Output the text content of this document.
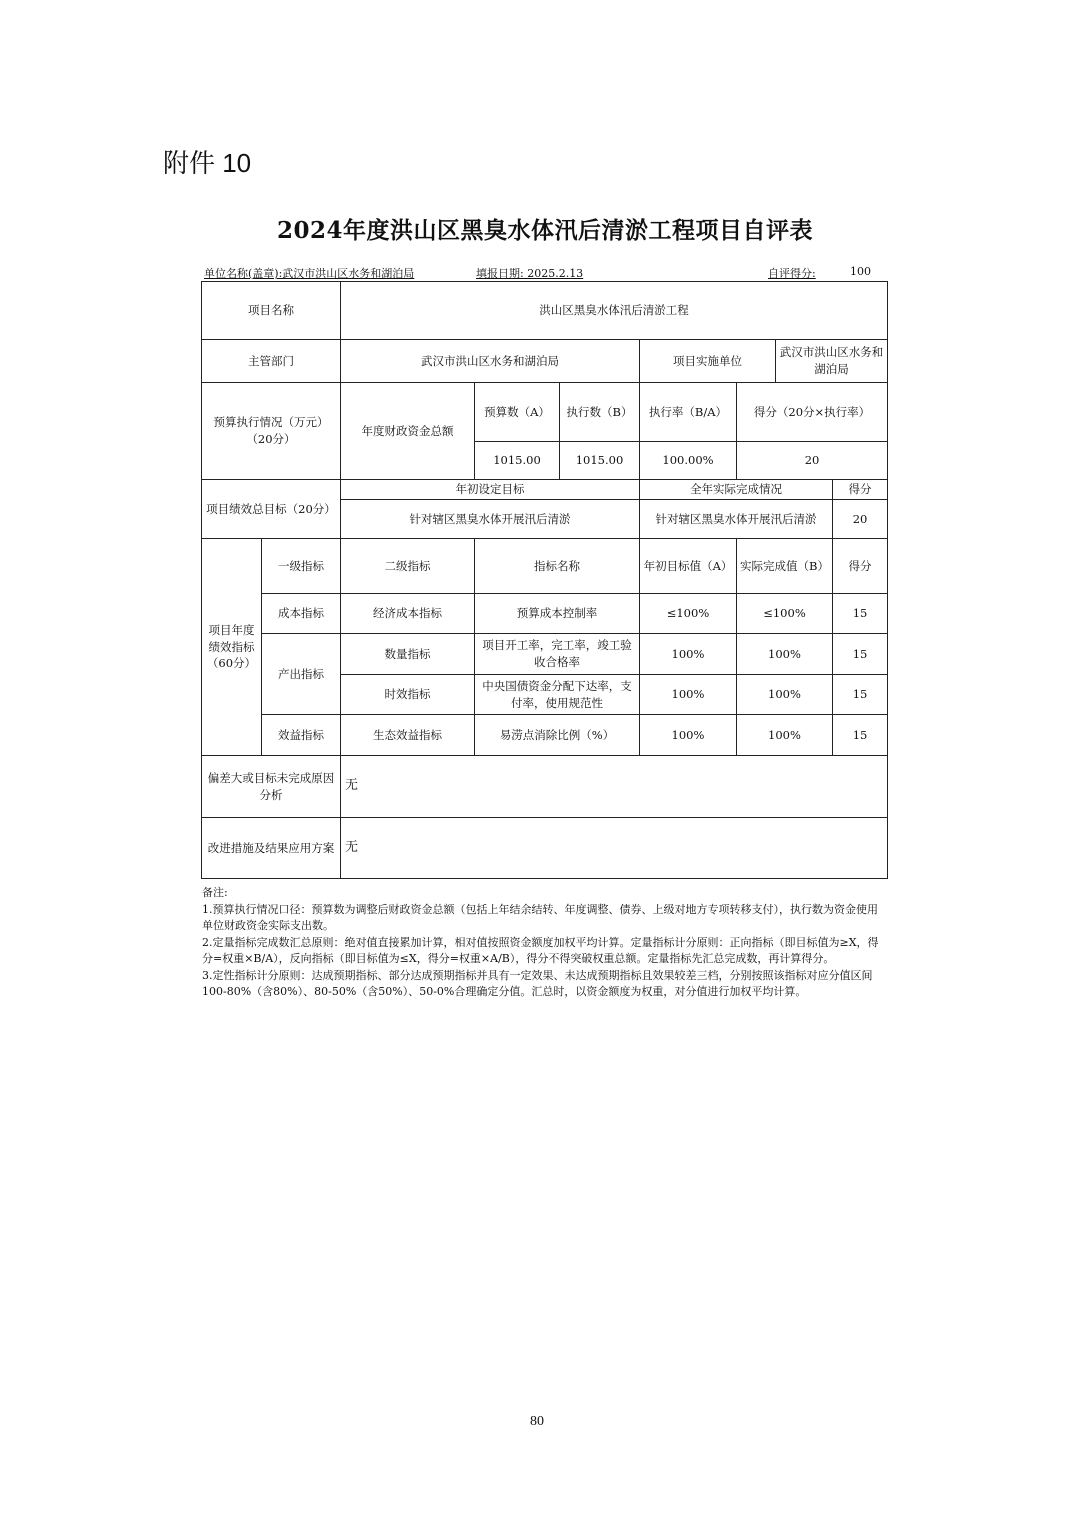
附件 10
2024年度洪山区黑臭水体汛后清淤工程项目自评表
单位名称(盖章):武汉市洪山区水务和湖泊局	填报日期: 2025.2.13	自评得分:	100
项目名称		洪山区黑臭水体汛后清淤工程						
主管部门		武汉市洪山区水务和湖泊局			项目实施单位		武汉市洪山区水务和湖泊局	
预算执行情况（万元）（20分）		年度财政资金总额	预算数（A）	执行数（B）	执行率（B/A）	得分（20分×执行率）		
			1015.00	1015.00	100.00%	20		
项目绩效总目标（20分）		年初设定目标			全年实际完成情况			得分
		针对辖区黑臭水体开展汛后清淤			针对辖区黑臭水体开展汛后清淤			20
项目年度绩效指标（60分）	一级指标	二级指标	指标名称		年初目标值（A）	实际完成值（B）		得分
	成本指标	经济成本指标	预算成本控制率		≤100%	≤100%		15
	产出指标	数量指标	项目开工率，完工率，竣工验收合格率		100%	100%		15
		时效指标	中央国债资金分配下达率，支付率，使用规范性		100%	100%		15
	效益指标	生态效益指标	易涝点消除比例（%）		100%	100%		15
偏差大或目标未完成原因分析		无						
改进措施及结果应用方案		无						
备注:
1.预算执行情况口径：预算数为调整后财政资金总额（包括上年结余结转、年度调整、债券、上级对地方专项转移支付），执行数为资金使用单位财政资金实际支出数。
2.定量指标完成数汇总原则：绝对值直接累加计算，相对值按照资金额度加权平均计算。定量指标计分原则：正向指标（即目标值为≥X，得分=权重×B/A），反向指标（即目标值为≤X，得分=权重×A/B），得分不得突破权重总额。定量指标先汇总完成数，再计算得分。
3.定性指标计分原则：达成预期指标、部分达成预期指标并具有一定效果、未达成预期指标且效果较差三档，分别按照该指标对应分值区间100-80%（含80%）、80-50%（含50%）、50-0%合理确定分值。汇总时，以资金额度为权重，对分值进行加权平均计算。
80
